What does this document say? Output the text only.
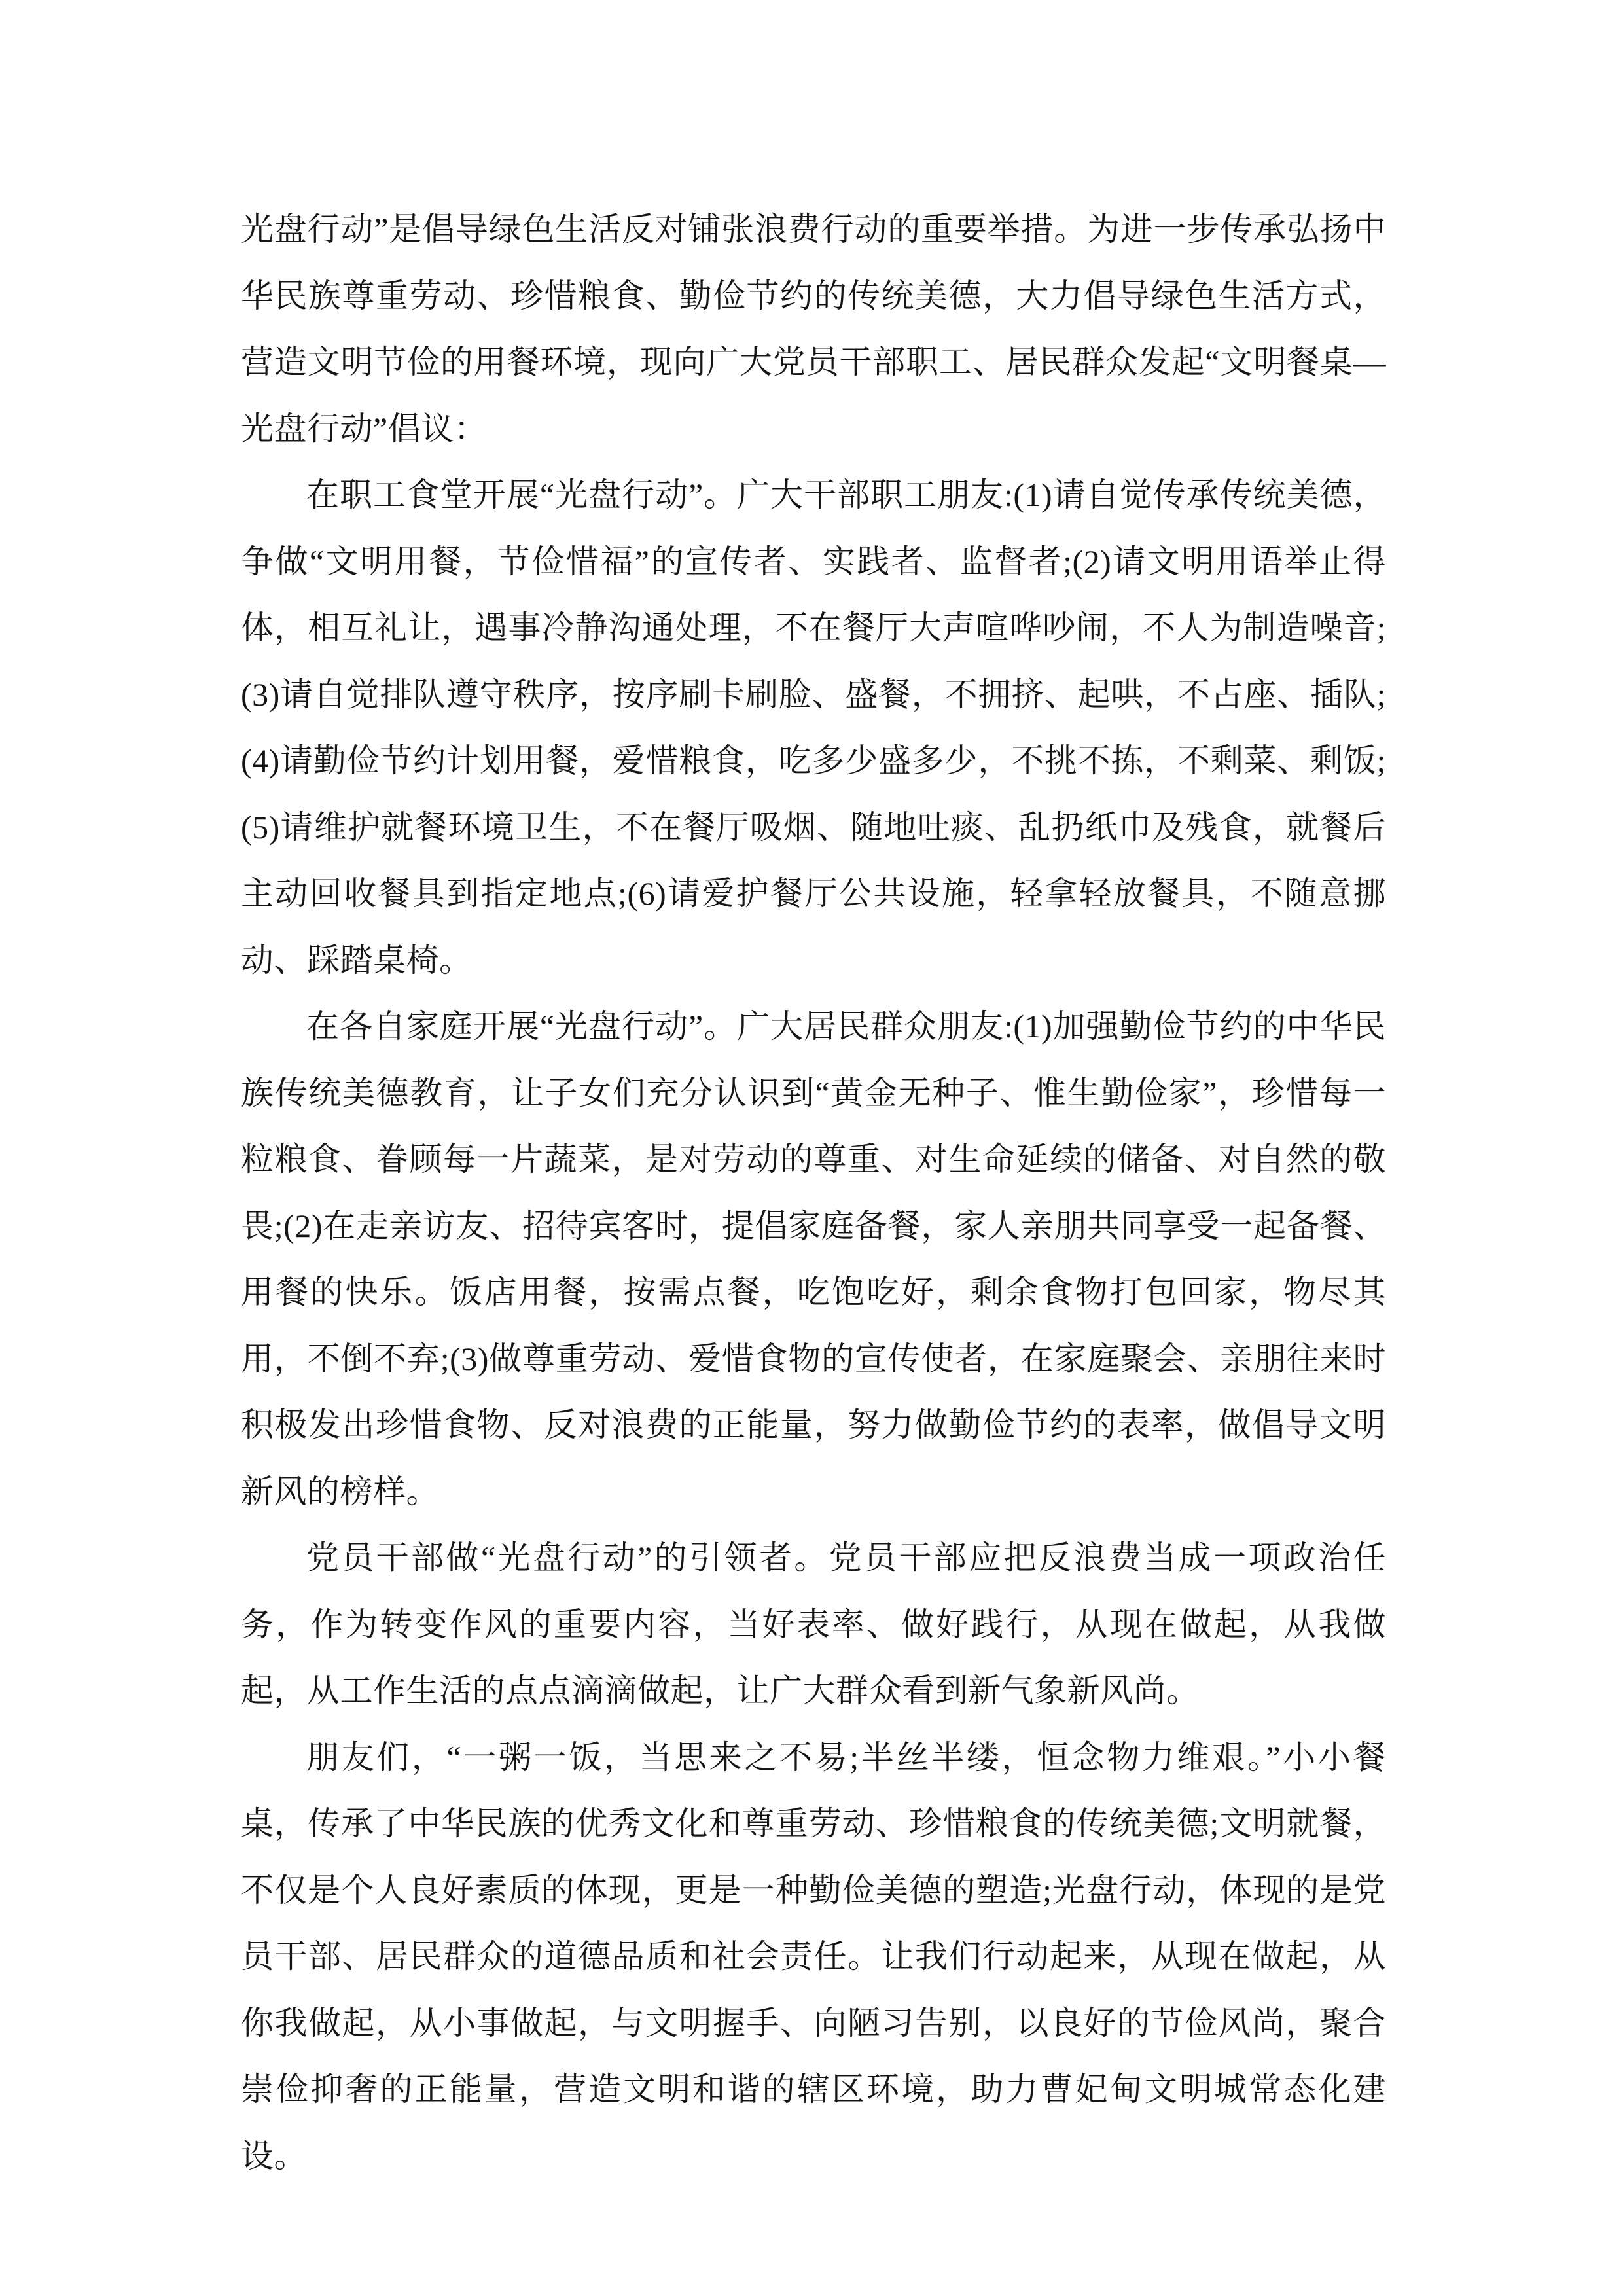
光盘行动”是倡导绿色生活反对铺张浪费行动的重要举措。为进一步传承弘扬中华民族尊重劳动、珍惜粮食、勤俭节约的传统美德，大力倡导绿色生活方式，营造文明节俭的用餐环境，现向广大党员干部职工、居民群众发起“文明餐桌—光盘行动”倡议：

在职工食堂开展“光盘行动”。广大干部职工朋友:(1)请自觉传承传统美德，争做“文明用餐，节俭惜福”的宣传者、实践者、监督者;(2)请文明用语举止得体，相互礼让，遇事冷静沟通处理，不在餐厅大声喧哗吵闹，不人为制造噪音;(3)请自觉排队遵守秩序，按序刷卡刷脸、盛餐，不拥挤、起哄，不占座、插队;(4)请勤俭节约计划用餐，爱惜粮食，吃多少盛多少，不挑不拣，不剩菜、剩饭;(5)请维护就餐环境卫生，不在餐厅吸烟、随地吐痰、乱扔纸巾及残食，就餐后主动回收餐具到指定地点;(6)请爱护餐厅公共设施，轻拿轻放餐具，不随意挪动、踩踏桌椅。

在各自家庭开展“光盘行动”。广大居民群众朋友:(1)加强勤俭节约的中华民族传统美德教育，让子女们充分认识到“黄金无种子、惟生勤俭家”，珍惜每一粒粮食、眷顾每一片蔬菜，是对劳动的尊重、对生命延续的储备、对自然的敬畏;(2)在走亲访友、招待宾客时，提倡家庭备餐，家人亲朋共同享受一起备餐、用餐的快乐。饭店用餐，按需点餐，吃饱吃好，剩余食物打包回家，物尽其用，不倒不弃;(3)做尊重劳动、爱惜食物的宣传使者，在家庭聚会、亲朋往来时积极发出珍惜食物、反对浪费的正能量，努力做勤俭节约的表率，做倡导文明新风的榜样。

党员干部做“光盘行动”的引领者。党员干部应把反浪费当成一项政治任务，作为转变作风的重要内容，当好表率、做好践行，从现在做起，从我做起，从工作生活的点点滴滴做起，让广大群众看到新气象新风尚。

朋友们，“一粥一饭，当思来之不易;半丝半缕，恒念物力维艰。”小小餐桌，传承了中华民族的优秀文化和尊重劳动、珍惜粮食的传统美德;文明就餐，不仅是个人良好素质的体现，更是一种勤俭美德的塑造;光盘行动，体现的是党员干部、居民群众的道德品质和社会责任。让我们行动起来，从现在做起，从你我做起，从小事做起，与文明握手、向陋习告别，以良好的节俭风尚，聚合崇俭抑奢的正能量，营造文明和谐的辖区环境，助力曹妃甸文明城常态化建设。
